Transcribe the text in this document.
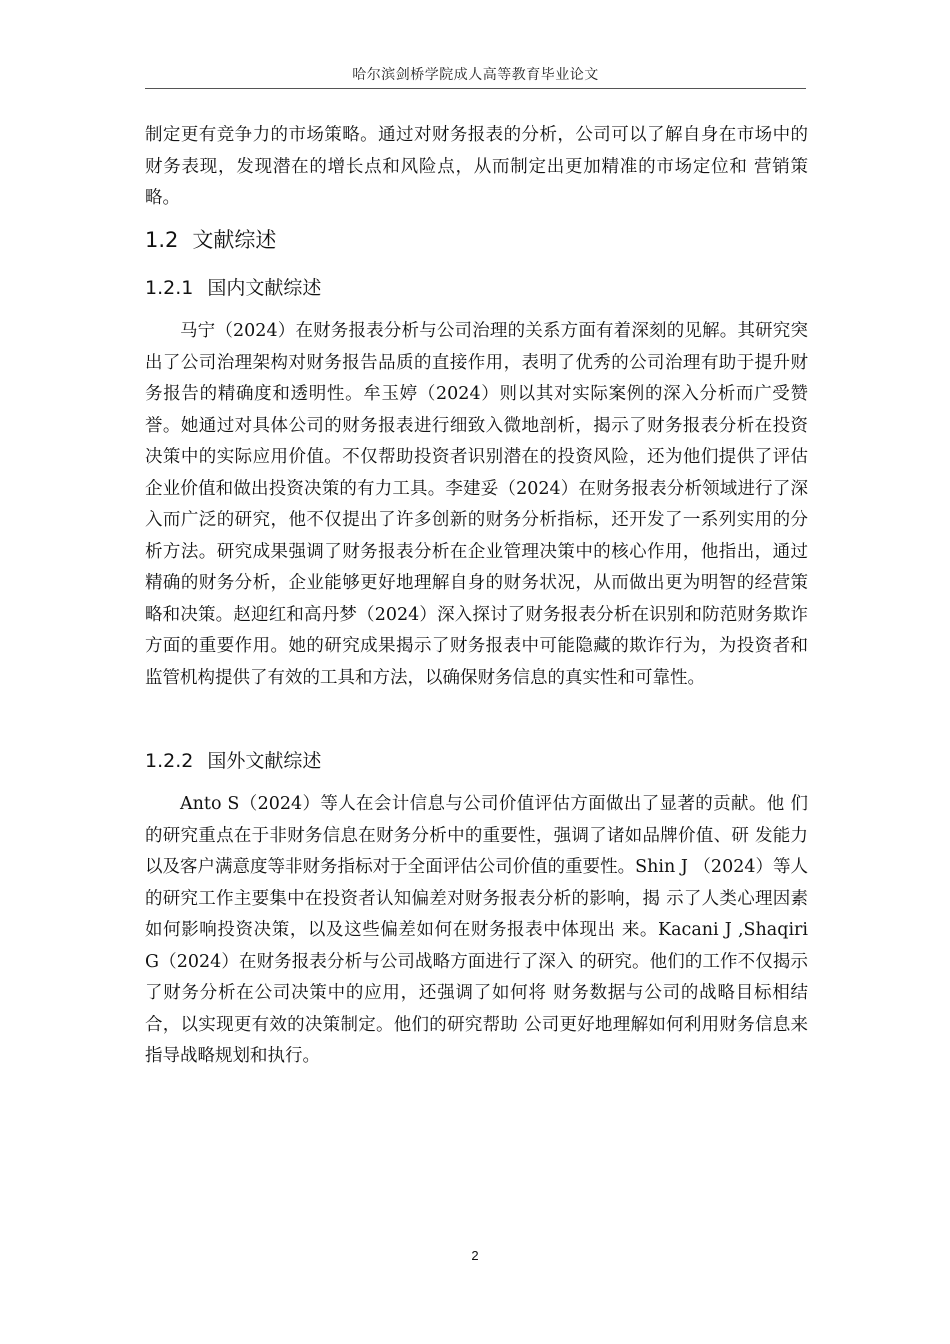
哈尔滨剑桥学院成人高等教育毕业论文
制定更有竞争力的市场策略。通过对财务报表的分析，公司可以了解自身在市场中的财务表现，发现潜在的增长点和风险点，从而制定出更加精准的市场定位和 营销策略。
1.2 文献综述
1.2.1 国内文献综述
马宁（2024）在财务报表分析与公司治理的关系方面有着深刻的见解。其研究突出了公司治理架构对财务报告品质的直接作用，表明了优秀的公司治理有助于提升财务报告的精确度和透明性。牟玉婷（2024）则以其对实际案例的深入分析而广受赞誉。她通过对具体公司的财务报表进行细致入微地剖析，揭示了财务报表分析在投资决策中的实际应用价值。不仅帮助投资者识别潜在的投资风险，还为他们提供了评估企业价值和做出投资决策的有力工具。李建妥（2024）在财务报表分析领域进行了深入而广泛的研究，他不仅提出了许多创新的财务分析指标，还开发了一系列实用的分析方法。研究成果强调了财务报表分析在企业管理决策中的核心作用，他指出，通过精确的财务分析，企业能够更好地理解自身的财务状况，从而做出更为明智的经营策略和决策。赵迎红和高丹梦（2024）深入探讨了财务报表分析在识别和防范财务欺诈方面的重要作用。她的研究成果揭示了财务报表中可能隐藏的欺诈行为，为投资者和监管机构提供了有效的工具和方法，以确保财务信息的真实性和可靠性。
1.2.2 国外文献综述
Anto S（2024）等人在会计信息与公司价值评估方面做出了显著的贡献。他 们的研究重点在于非财务信息在财务分析中的重要性，强调了诸如品牌价值、研 发能力以及客户满意度等非财务指标对于全面评估公司价值的重要性。Shin J （2024）等人的研究工作主要集中在投资者认知偏差对财务报表分析的影响，揭 示了人类心理因素如何影响投资决策，以及这些偏差如何在财务报表中体现出 来。Kacani J ,Shaqiri G（2024）在财务报表分析与公司战略方面进行了深入 的研究。他们的工作不仅揭示了财务分析在公司决策中的应用，还强调了如何将 财务数据与公司的战略目标相结合，以实现更有效的决策制定。他们的研究帮助 公司更好地理解如何利用财务信息来指导战略规划和执行。
2
